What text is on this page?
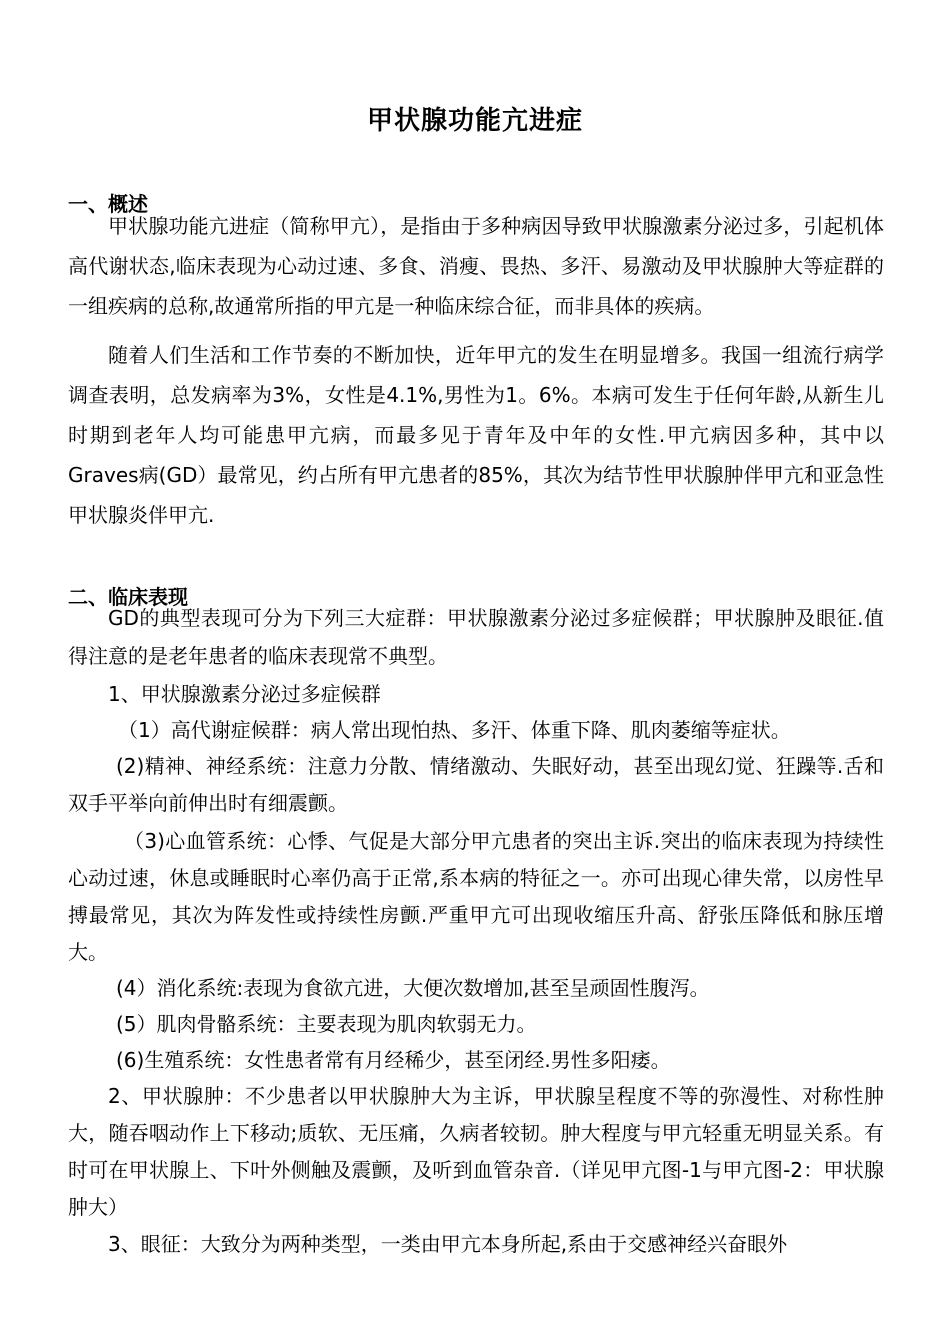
甲状腺功能亢进症
一、概述

甲状腺功能亢进症（简称甲亢），是指由于多种病因导致甲状腺激素分泌过多，引起机体高代谢状态,临床表现为心动过速、多食、消瘦、畏热、多汗、易激动及甲状腺肿大等症群的一组疾病的总称,故通常所指的甲亢是一种临床综合征，而非具体的疾病。

随着人们生活和工作节奏的不断加快，近年甲亢的发生在明显增多。我国一组流行病学调查表明，总发病率为3%，女性是4.1%,男性为1。6%。本病可发生于任何年龄,从新生儿时期到老年人均可能患甲亢病，而最多见于青年及中年的女性.甲亢病因多种，其中以Graves病(GD）最常见，约占所有甲亢患者的85%，其次为结节性甲状腺肿伴甲亢和亚急性甲状腺炎伴甲亢.

二、临床表现

GD的典型表现可分为下列三大症群：甲状腺激素分泌过多症候群；甲状腺肿及眼征.值得注意的是老年患者的临床表现常不典型。

1、甲状腺激素分泌过多症候群

（1）高代谢症候群：病人常出现怕热、多汗、体重下降、肌肉萎缩等症状。

(2)精神、神经系统：注意力分散、情绪激动、失眠好动，甚至出现幻觉、狂躁等.舌和双手平举向前伸出时有细震颤。

（3)心血管系统：心悸、气促是大部分甲亢患者的突出主诉.突出的临床表现为持续性心动过速，休息或睡眠时心率仍高于正常,系本病的特征之一。亦可出现心律失常，以房性早搏最常见，其次为阵发性或持续性房颤.严重甲亢可出现收缩压升高、舒张压降低和脉压增大。

(4）消化系统:表现为食欲亢进，大便次数增加,甚至呈顽固性腹泻。

(5）肌肉骨骼系统：主要表现为肌肉软弱无力。

(6)生殖系统：女性患者常有月经稀少，甚至闭经.男性多阳痿。

2、甲状腺肿：不少患者以甲状腺肿大为主诉，甲状腺呈程度不等的弥漫性、对称性肿大，随吞咽动作上下移动;质软、无压痛，久病者较韧。肿大程度与甲亢轻重无明显关系。有时可在甲状腺上、下叶外侧触及震颤，及听到血管杂音.（详见甲亢图-1与甲亢图-2：甲状腺肿大）

3、眼征：大致分为两种类型，一类由甲亢本身所起,系由于交感神经兴奋眼外
